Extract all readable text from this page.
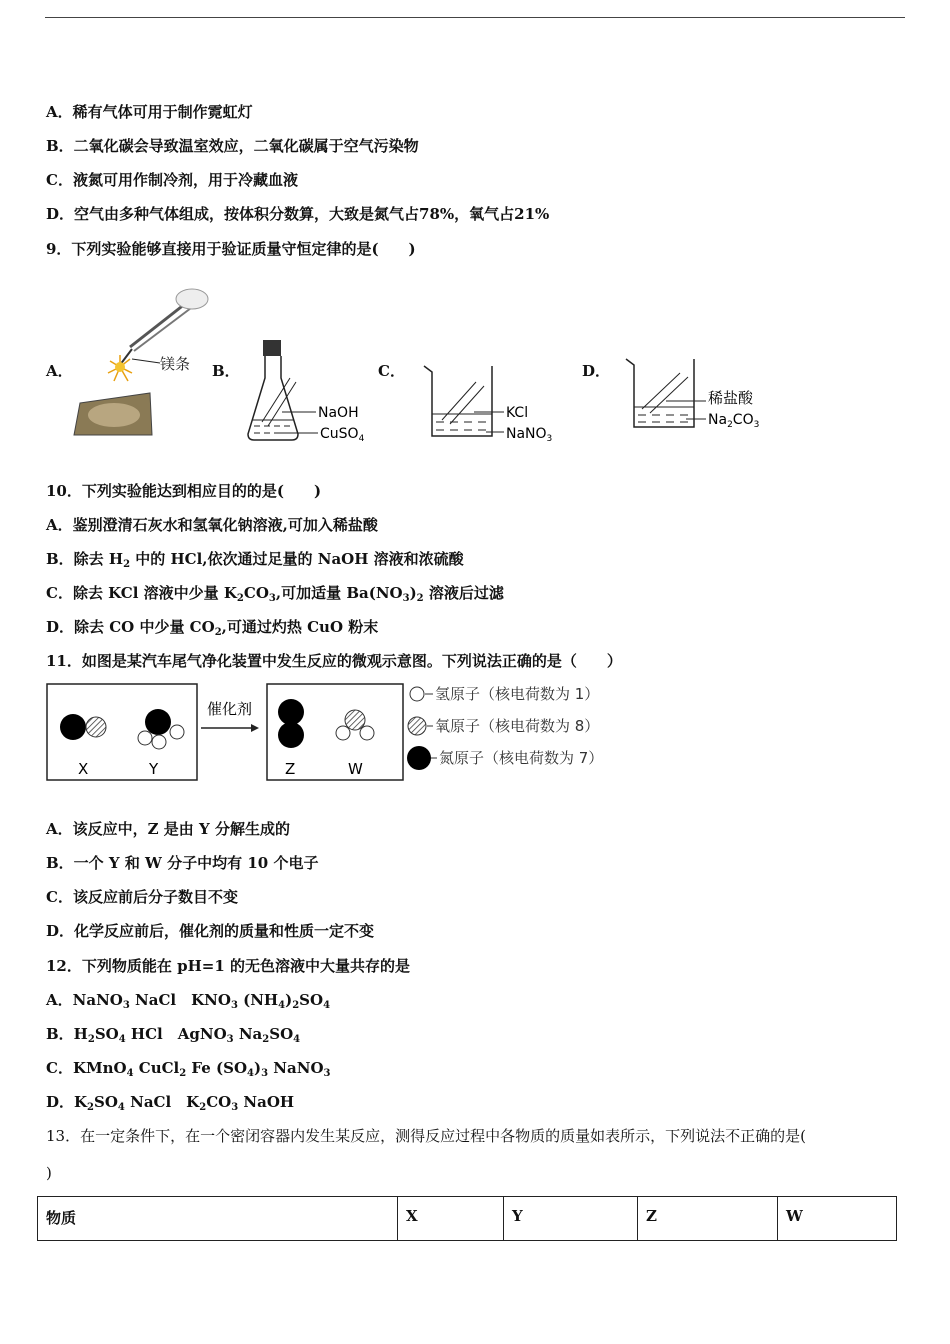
A．稀有气体可用于制作霓虹灯
B．二氧化碳会导致温室效应，二氧化碳属于空气污染物
C．液氮可用作制冷剂，用于冷藏血液
D．空气由多种气体组成，按体积分数算，大致是氮气占78%，氧气占21%
9．下列实验能够直接用于验证质量守恒定律的是(　　)
A．	镁条 B．
NaOH
CuSO$_4$
C．
KCl
NaNO$_3$
D．
稀盐酸
$Na_2CO_3$
10．下列实验能达到相应目的的是(　　)
A．鉴别澄清石灰水和氢氧化钠溶液,可加入稀盐酸
B．除去 $H_2$ 中的 HCl,依次通过足量的 NaOH 溶液和浓硫酸
C．除去 KCl 溶液中少量 $K_2CO_3$,可加适量 $Ba(NO_3)_2$ 溶液后过滤
D．除去 CO 中少量 $CO_2$,可通过灼热 CuO 粉末
11．如图是某汽车尾气净化装置中发生反应的微观示意图。下列说法正确的是（　　）
X	Y
催化剂
Z	W
氢原子（核电荷数为 1）
氧原子（核电荷数为 8）
氮原子（核电荷数为 7）
A．该反应中，Z 是由 Y 分解生成的
B．一个 Y 和 W 分子中均有 10 个电子
C．该反应前后分子数目不变
D．化学反应前后，催化剂的质量和性质一定不变
12．下列物质能在 pH=1 的无色溶液中大量共存的是
A．NaNO$_3$ NaCl　$KNO_3$ $(NH_4)_2SO_4$
B．$H_2SO_4$ HCl　AgNO$_3$ $Na_2SO_4$
C．KMnO$_4$ CuCl$_2$ Fe $(SO_4)_3$ NaNO$_3$
D．$K_2SO_4$ NaCl　$K_2CO_3$ NaOH
13．在一定条件下，在一个密闭容器内发生某反应，测得反应过程中各物质的质量如表所示，下列说法不正确的是(
)
物质	X	Y	Z	W
